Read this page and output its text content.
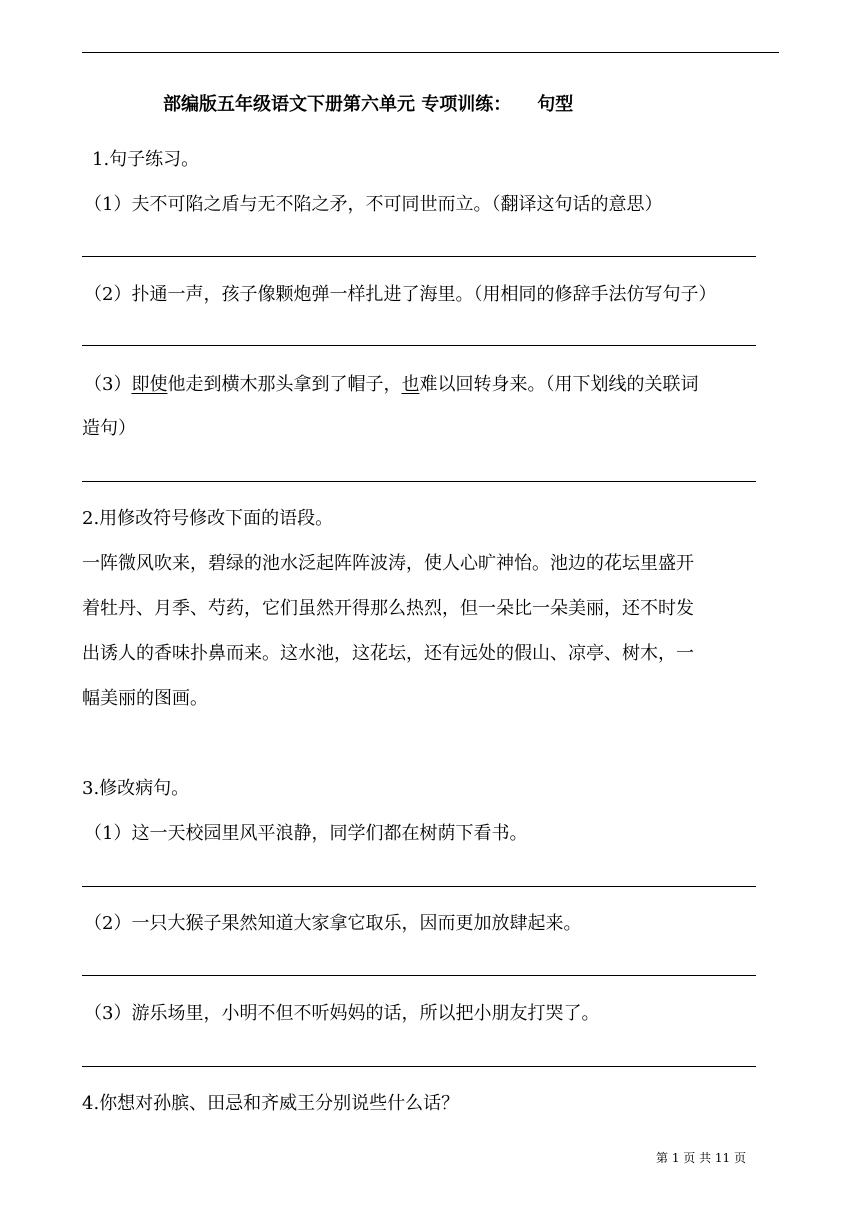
部编版五年级语文下册第六单元 专项训练： 句型
1.句子练习。
（1）夫不可陷之盾与无不陷之矛，不可同世而立。（翻译这句话的意思）
（2）扑通一声，孩子像颗炮弹一样扎进了海里。（用相同的修辞手法仿写句子）
（3）即使他走到横木那头拿到了帽子，也难以回转身来。（用下划线的关联词
造句）
2.用修改符号修改下面的语段。
一阵微风吹来，碧绿的池水泛起阵阵波涛，使人心旷神怡。池边的花坛里盛开
着牡丹、月季、芍药，它们虽然开得那么热烈，但一朵比一朵美丽，还不时发
出诱人的香味扑鼻而来。这水池，这花坛，还有远处的假山、凉亭、树木，一
幅美丽的图画。
3.修改病句。
（1）这一天校园里风平浪静，同学们都在树荫下看书。
（2）一只大猴子果然知道大家拿它取乐，因而更加放肆起来。
（3）游乐场里，小明不但不听妈妈的话，所以把小朋友打哭了。
4.你想对孙膑、田忌和齐威王分别说些什么话？
第 1 页 共 11 页
